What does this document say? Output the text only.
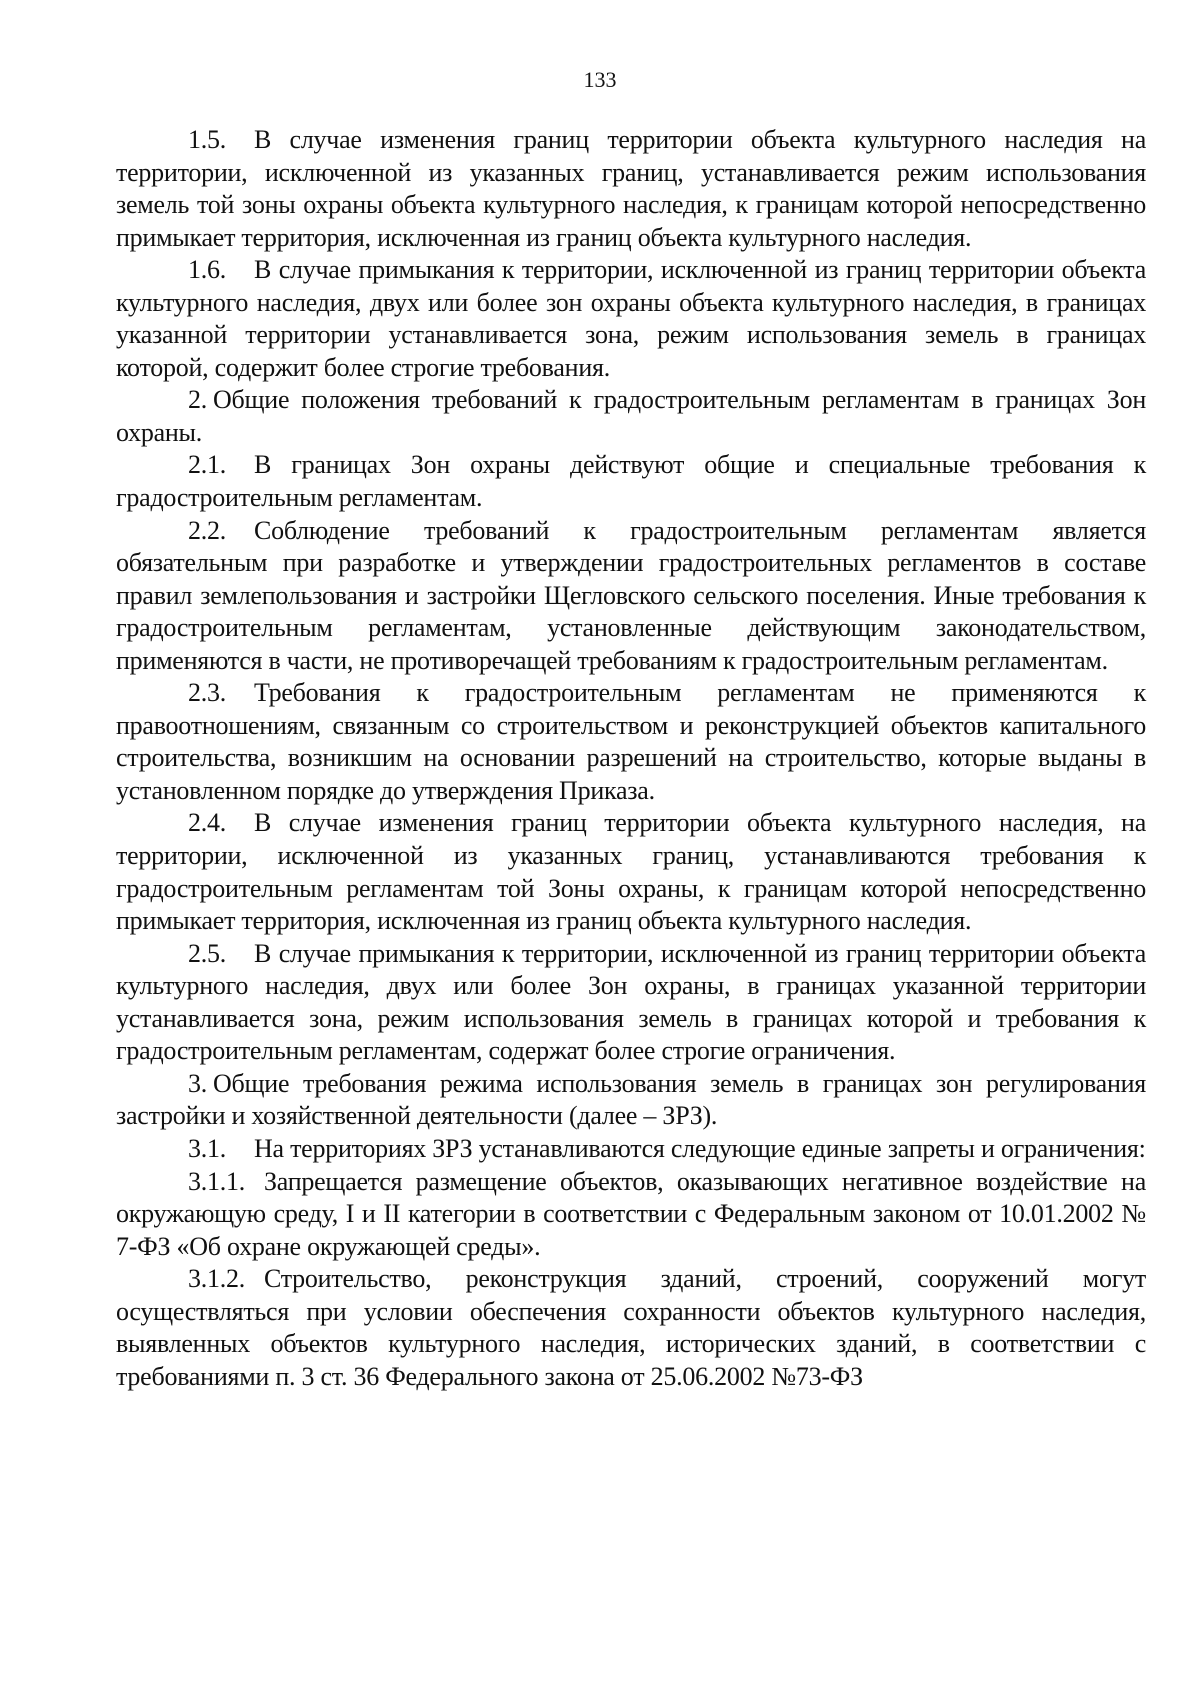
133

1.5. В случае изменения границ территории объекта культурного наследия на территории, исключенной из указанных границ, устанавливается режим использования земель той зоны охраны объекта культурного наследия, к границам которой непосредственно примыкает территория, исключенная из границ объекта культурного наследия.

1.6. В случае примыкания к территории, исключенной из границ территории объекта культурного наследия, двух или более зон охраны объекта культурного наследия, в границах указанной территории устанавливается зона, режим использования земель в границах которой, содержит более строгие требования.

2. Общие положения требований к градостроительным регламентам в границах Зон охраны.

2.1. В границах Зон охраны действуют общие и специальные требования к градостроительным регламентам.

2.2. Соблюдение требований к градостроительным регламентам является обязательным при разработке и утверждении градостроительных регламентов в составе правил землепользования и застройки Щегловского сельского поселения. Иные требования к градостроительным регламентам, установленные действующим законодательством, применяются в части, не противоречащей требованиям к градостроительным регламентам.

2.3. Требования к градостроительным регламентам не применяются к правоотношениям, связанным со строительством и реконструкцией объектов капитального строительства, возникшим на основании разрешений на строительство, которые выданы в установленном порядке до утверждения Приказа.

2.4. В случае изменения границ территории объекта культурного наследия, на территории, исключенной из указанных границ, устанавливаются требования к градостроительным регламентам той Зоны охраны, к границам которой непосредственно примыкает территория, исключенная из границ объекта культурного наследия.

2.5. В случае примыкания к территории, исключенной из границ территории объекта культурного наследия, двух или более Зон охраны, в границах указанной территории устанавливается зона, режим использования земель в границах которой и требования к градостроительным регламентам, содержат более строгие ограничения.

3. Общие требования режима использования земель в границах зон регулирования застройки и хозяйственной деятельности (далее – ЗРЗ).

3.1. На территориях ЗРЗ устанавливаются следующие единые запреты и ограничения:

3.1.1. Запрещается размещение объектов, оказывающих негативное воздействие на окружающую среду, I и II категории в соответствии с Федеральным законом от 10.01.2002 № 7-ФЗ «Об охране окружающей среды».

3.1.2. Строительство, реконструкция зданий, строений, сооружений могут осуществляться при условии обеспечения сохранности объектов культурного наследия, выявленных объектов культурного наследия, исторических зданий, в соответствии с требованиями п. 3 ст. 36 Федерального закона от 25.06.2002 №73-ФЗ
